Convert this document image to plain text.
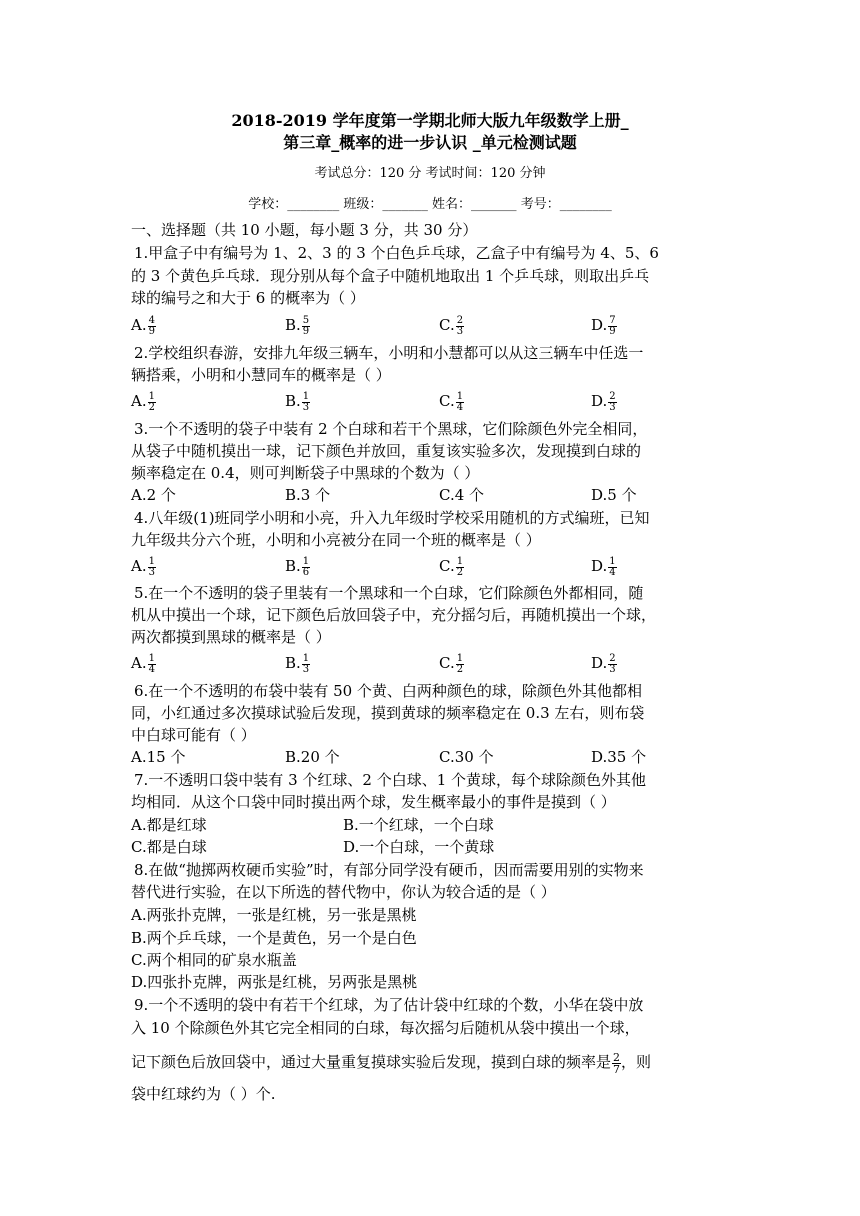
2018-2019 学年度第一学期北师大版九年级数学上册_
第三章_概率的进一步认识 _单元检测试题
考试总分：120 分 考试时间：120 分钟
学校：________ 班级：_______ 姓名：_______ 考号：________
一、选择题（共 10 小题，每小题 3 分，共 30 分）
1.甲盒子中有编号为 1、2、3 的 3 个白色乒乓球，乙盒子中有编号为 4、5、6
的 3 个黄色乒乓球．现分别从每个盒子中随机地取出 1 个乒乓球，则取出乒乓
球的编号之和大于 6 的概率为（ ）
A. $\frac{4}{9}$	B. $\frac{5}{9}$	C. $\frac{2}{3}$	D. $\frac{7}{9}$
2.学校组织春游，安排九年级三辆车，小明和小慧都可以从这三辆车中任选一
辆搭乘，小明和小慧同车的概率是（ ）
A. $\frac{1}{2}$	B. $\frac{1}{3}$	C. $\frac{1}{4}$	D. $\frac{2}{3}$
3.一个不透明的袋子中装有 2 个白球和若干个黑球，它们除颜色外完全相同，
从袋子中随机摸出一球，记下颜色并放回，重复该实验多次，发现摸到白球的
频率稳定在 0.4，则可判断袋子中黑球的个数为（ ）
A.2 个	B.3 个	C.4 个	D.5 个
4.八年级(1)班同学小明和小亮，升入九年级时学校采用随机的方式编班，已知
九年级共分六个班，小明和小亮被分在同一个班的概率是（ ）
A. $\frac{1}{3}$	B. $\frac{1}{6}$	C. $\frac{1}{2}$	D. $\frac{1}{4}$
5.在一个不透明的袋子里装有一个黑球和一个白球，它们除颜色外都相同，随
机从中摸出一个球，记下颜色后放回袋子中，充分摇匀后，再随机摸出一个球，
两次都摸到黑球的概率是（ ）
A. $\frac{1}{4}$	B. $\frac{1}{3}$	C. $\frac{1}{2}$	D. $\frac{2}{3}$
6.在一个不透明的布袋中装有 50 个黄、白两种颜色的球，除颜色外其他都相
同，小红通过多次摸球试验后发现，摸到黄球的频率稳定在 0.3 左右，则布袋
中白球可能有（ ）
A.15 个	B.20 个	C.30 个	D.35 个
7.一不透明口袋中装有 3 个红球、2 个白球、1 个黄球，每个球除颜色外其他
均相同．从这个口袋中同时摸出两个球，发生概率最小的事件是摸到（ ）
A.都是红球	B.一个红球，一个白球
C.都是白球	D.一个白球，一个黄球
8.在做“抛掷两枚硬币实验”时，有部分同学没有硬币，因而需要用别的实物来
替代进行实验，在以下所选的替代物中，你认为较合适的是（ ）
A.两张扑克牌，一张是红桃，另一张是黑桃
B.两个乒乓球，一个是黄色，另一个是白色
C.两个相同的矿泉水瓶盖
D.四张扑克牌，两张是红桃，另两张是黑桃
9.一个不透明的袋中有若干个红球，为了估计袋中红球的个数，小华在袋中放
入 10 个除颜色外其它完全相同的白球，每次摇匀后随机从袋中摸出一个球，
记下颜色后放回袋中，通过大量重复摸球实验后发现，摸到白球的频率是 $\frac{2}{7}$ ，则
袋中红球约为（ ）个.
